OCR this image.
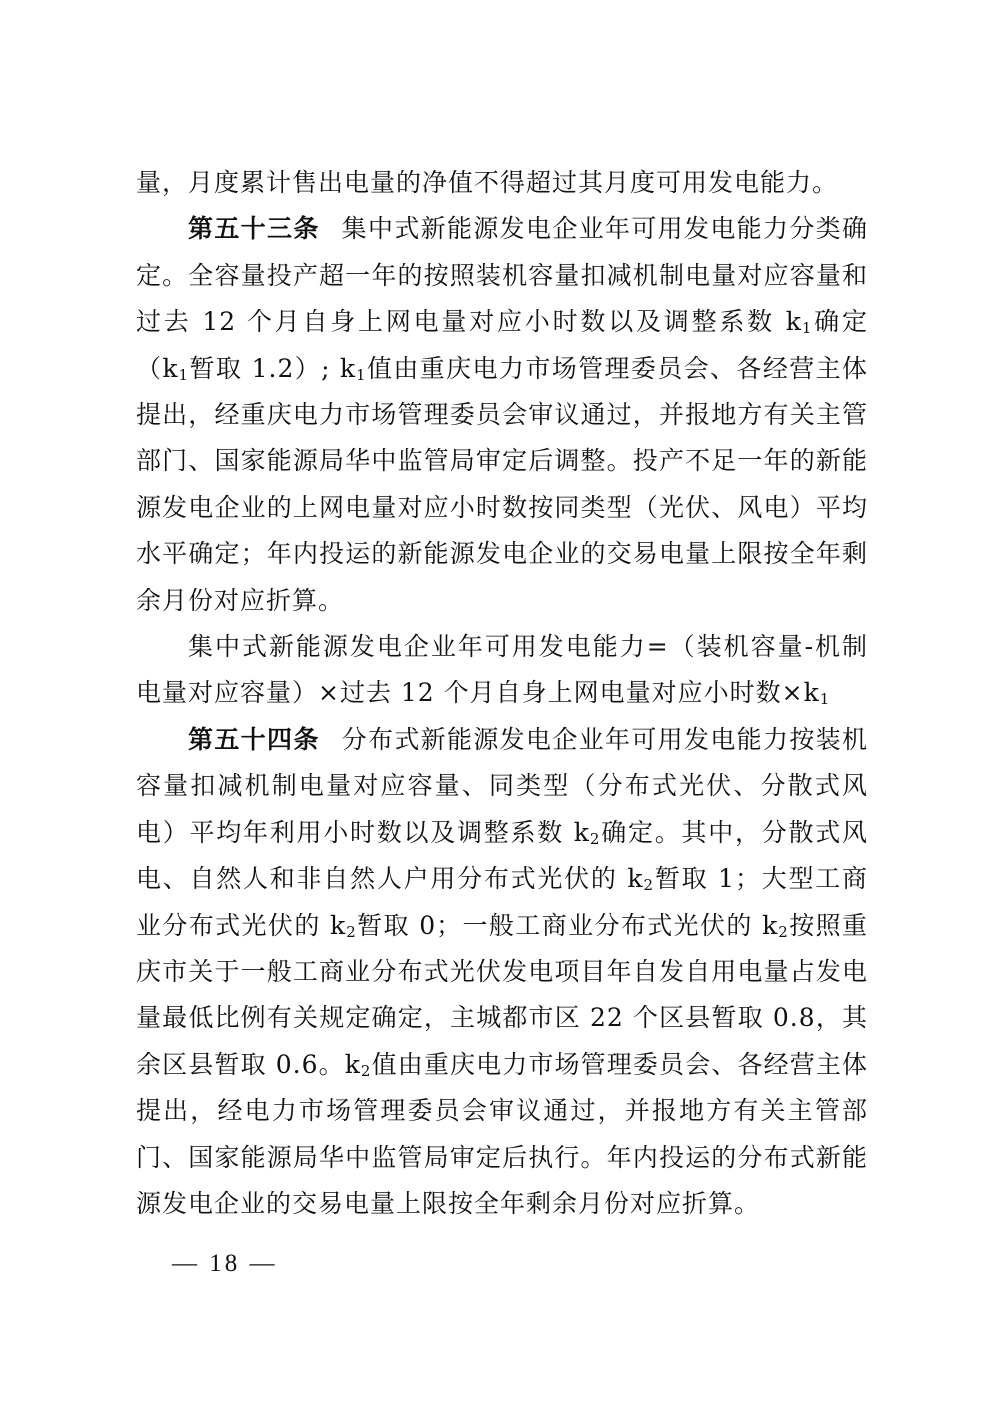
量，月度累计售出电量的净值不得超过其月度可用发电能力。

第五十三条 集中式新能源发电企业年可用发电能力分类确定。全容量投产超一年的按照装机容量扣减机制电量对应容量和过去 12 个月自身上网电量对应小时数以及调整系数 $k_1$确定（$k_1$暂取 1.2）; $k_1$值由重庆电力市场管理委员会、各经营主体提出，经重庆电力市场管理委员会审议通过，并报地方有关主管部门、国家能源局华中监管局审定后调整。投产不足一年的新能源发电企业的上网电量对应小时数按同类型（光伏、风电）平均水平确定；年内投运的新能源发电企业的交易电量上限按全年剩余月份对应折算。

集中式新能源发电企业年可用发电能力=（装机容量-机制电量对应容量）×过去 12 个月自身上网电量对应小时数$\times k_1$

第五十四条 分布式新能源发电企业年可用发电能力按装机容量扣减机制电量对应容量、同类型（分布式光伏、分散式风电）平均年利用小时数以及调整系数 $k_2$确定。其中，分散式风电、自然人和非自然人户用分布式光伏的 $k_2$暂取 1；大型工商业分布式光伏的 $k_2$暂取 0；一般工商业分布式光伏的 $k_2$按照重庆市关于一般工商业分布式光伏发电项目年自发自用电量占发电量最低比例有关规定确定，主城都市区 22 个区县暂取 0.8，其余区县暂取 0.6。$k_2$值由重庆电力市场管理委员会、各经营主体提出，经电力市场管理委员会审议通过，并报地方有关主管部门、国家能源局华中监管局审定后执行。年内投运的分布式新能源发电企业的交易电量上限按全年剩余月份对应折算。

— 18 —
